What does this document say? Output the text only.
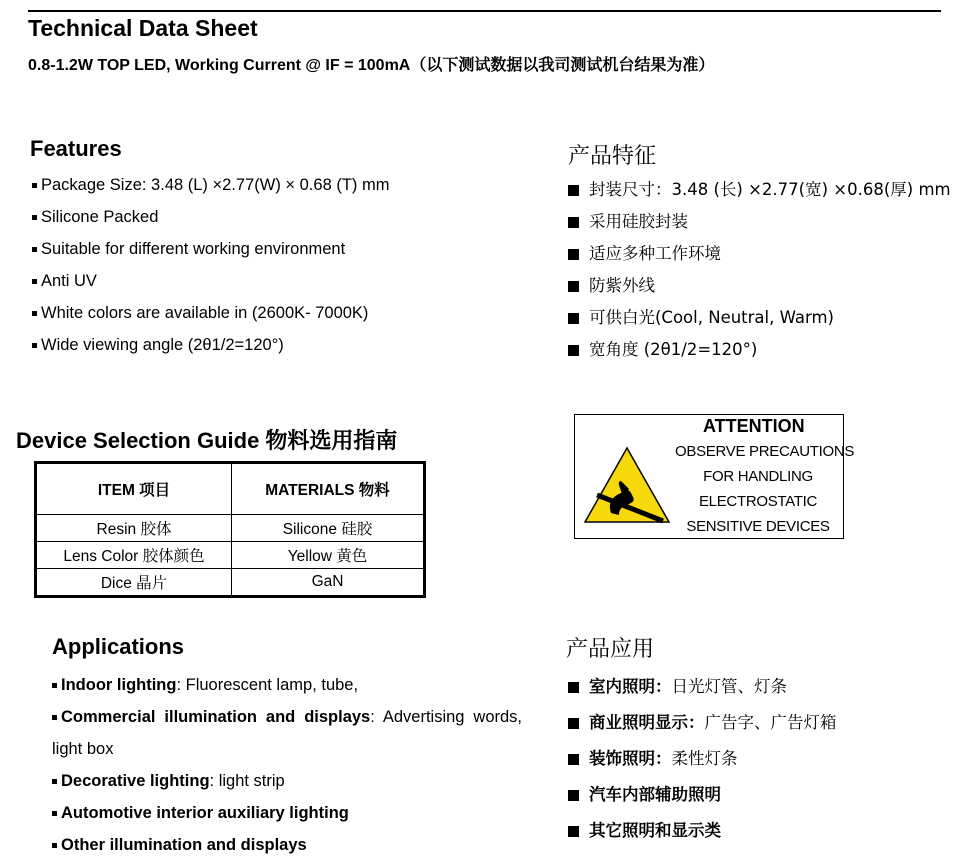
Technical Data Sheet
0.8-1.2W TOP LED, Working Current @ IF = 100mA（以下测试数据以我司测试机台结果为准）
Features
Package Size: 3.48 (L) ×2.77(W) × 0.68 (T) mm
Silicone Packed
Suitable for different working environment
Anti UV
White colors are available in (2600K- 7000K)
Wide viewing angle (2θ1/2=120°)
产品特征
封装尺寸：3.48 (长) ×2.77(宽) ×0.68(厚) mm
采用硅胶封装
适应多种工作环境
防紫外线
可供白光(Cool, Neutral, Warm)
宽角度 (2θ1/2=120°)
Device Selection Guide 物料选用指南
ITEM 项目	MATERIALS 物料
Resin 胶体	Silicone 硅胶
Lens Color 胶体颜色	Yellow 黄色
Dice 晶片	GaN
ATTENTION
OBSERVE PRECAUTIONS
FOR HANDLING
ELECTROSTATIC
SENSITIVE DEVICES
Applications
Indoor lighting: Fluorescent lamp, tube,
Commercial illumination and displays: Advertising words, light box
Decorative lighting: light strip
Automotive interior auxiliary lighting
Other illumination and displays
产品应用
室内照明：日光灯管、灯条
商业照明显示：广告字、广告灯箱
装饰照明：柔性灯条
汽车内部辅助照明
其它照明和显示类
